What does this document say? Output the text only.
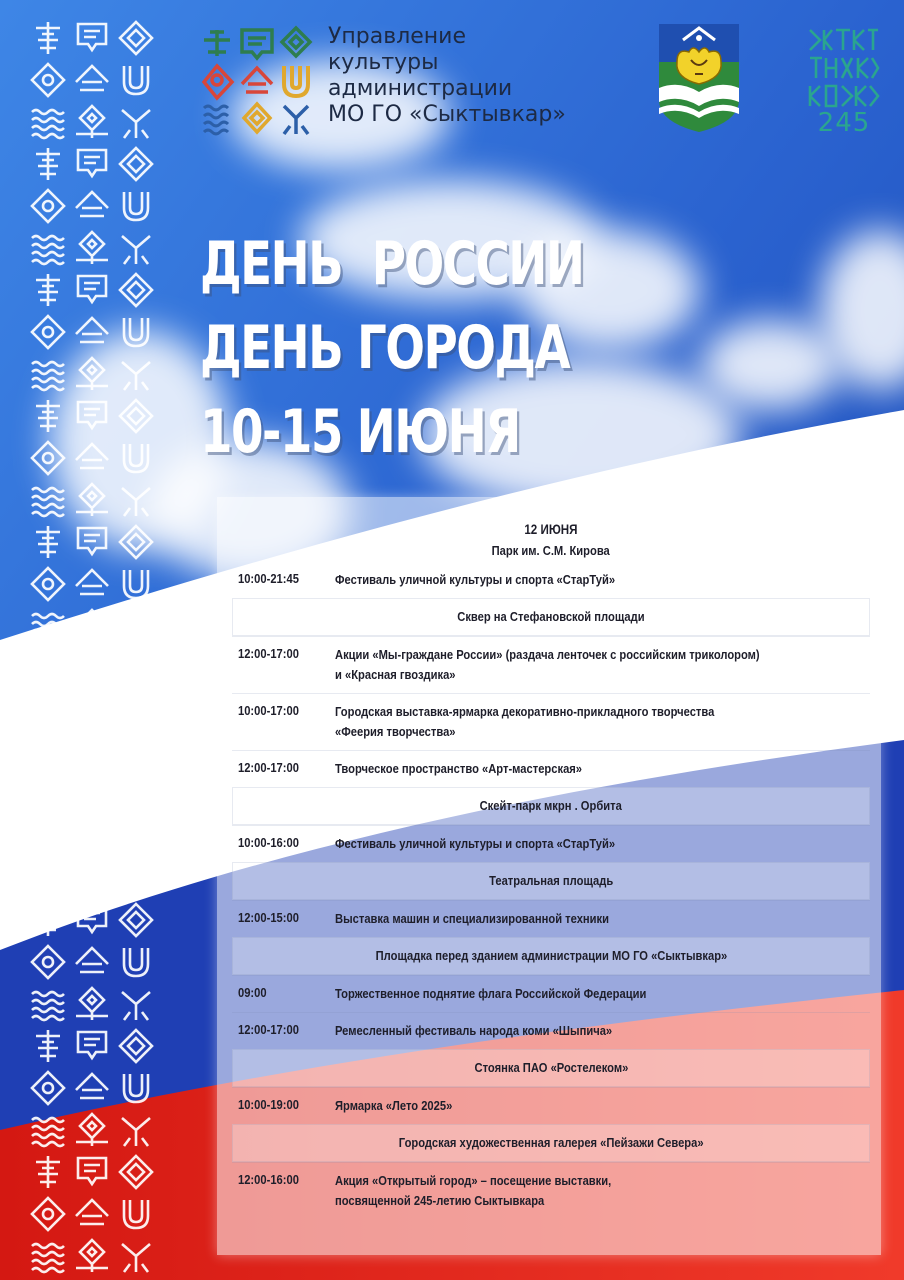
Управление
культуры
администрации
МО ГО «Сыктывкар»	245
ДЕНЬ  РОССИИ
ДЕНЬ ГОРОДА
10-15 ИЮНЯ
12 ИЮНЯ
Парк им. С.М. Кирова
10:00-21:45	Фестиваль уличной культуры и спорта «СтарТуй»
Сквер на Стефановской площади
12:00-17:00	Акции «Мы-граждане России» (раздача ленточек с российским триколором)
и «Красная гвоздика»
10:00-17:00	Городская выставка-ярмарка декоративно-прикладного творчества
«Феерия творчества»
12:00-17:00	Творческое пространство «Арт-мастерская»
Скейт-парк мкрн . Орбита
10:00-16:00	Фестиваль уличной культуры и спорта «СтарТуй»
Театральная площадь
12:00-15:00	Выставка машин и специализированной техники
Площадка перед зданием администрации МО ГО «Сыктывкар»
09:00	Торжественное поднятие флага Российской Федерации
12:00-17:00	Ремесленный фестиваль народа коми «Шыпича»
Стоянка ПАО «Ростелеком»
10:00-19:00	Ярмарка «Лето 2025»
Городская художественная галерея «Пейзажи Севера»
12:00-16:00	Акция «Открытый город» – посещение выставки,
посвященной 245-летию Сыктывкара
